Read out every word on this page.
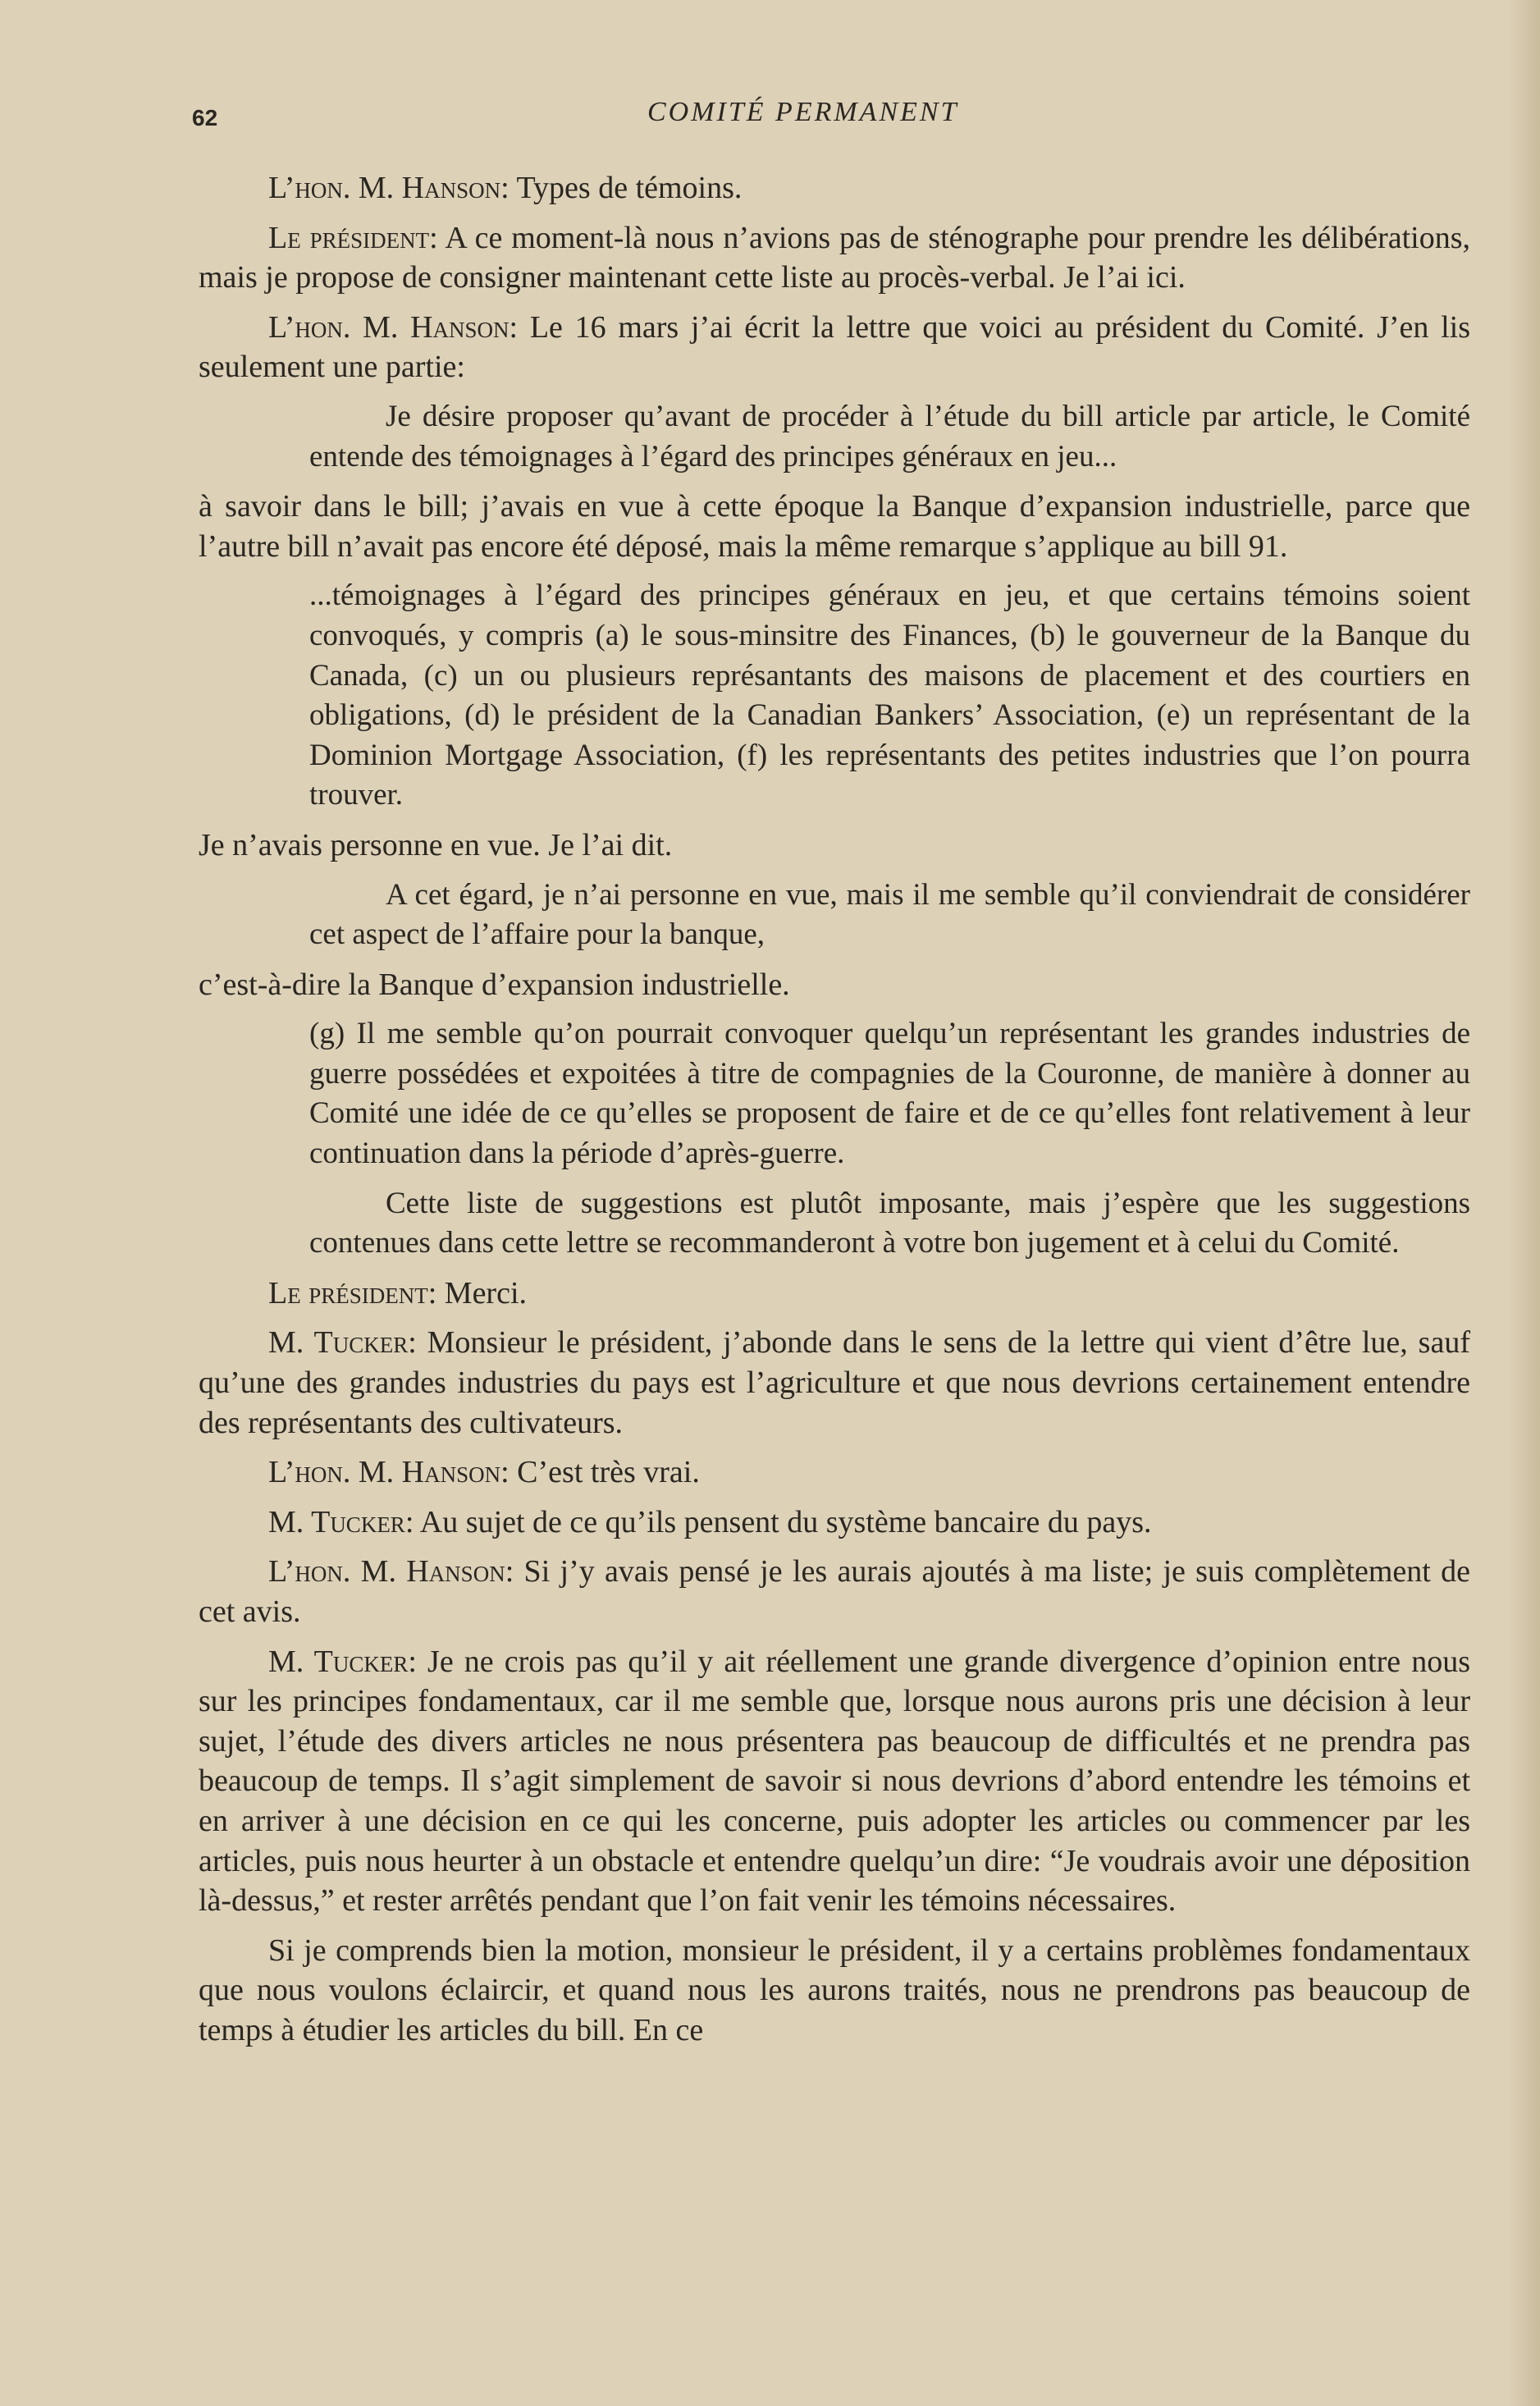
62	COMITÉ PERMANENT

L’hon. M. Hanson: Types de témoins.

Le président: A ce moment-là nous n’avions pas de sténographe pour prendre les délibérations, mais je propose de consigner maintenant cette liste au procès-verbal. Je l’ai ici.

L’hon. M. Hanson: Le 16 mars j’ai écrit la lettre que voici au président du Comité. J’en lis seulement une partie:

Je désire proposer qu’avant de procéder à l’étude du bill article par article, le Comité entende des témoignages à l’égard des principes généraux en jeu...

à savoir dans le bill; j’avais en vue à cette époque la Banque d’expansion industrielle, parce que l’autre bill n’avait pas encore été déposé, mais la même remarque s’applique au bill 91.

...témoignages à l’égard des principes généraux en jeu, et que certains témoins soient convoqués, y compris (a) le sous-minsitre des Finances, (b) le gouverneur de la Banque du Canada, (c) un ou plusieurs représantants des maisons de placement et des courtiers en obligations, (d) le président de la Canadian Bankers’ Association, (e) un représentant de la Dominion Mortgage Association, (f) les représentants des petites industries que l’on pourra trouver.

Je n’avais personne en vue. Je l’ai dit.

A cet égard, je n’ai personne en vue, mais il me semble qu’il conviendrait de considérer cet aspect de l’affaire pour la banque,

c’est-à-dire la Banque d’expansion industrielle.

(g) Il me semble qu’on pourrait convoquer quelqu’un représentant les grandes industries de guerre possédées et expoitées à titre de compagnies de la Couronne, de manière à donner au Comité une idée de ce qu’elles se proposent de faire et de ce qu’elles font relativement à leur continuation dans la période d’après-guerre.

Cette liste de suggestions est plutôt imposante, mais j’espère que les suggestions contenues dans cette lettre se recommanderont à votre bon jugement et à celui du Comité.

Le président: Merci.

M. Tucker: Monsieur le président, j’abonde dans le sens de la lettre qui vient d’être lue, sauf qu’une des grandes industries du pays est l’agriculture et que nous devrions certainement entendre des représentants des cultivateurs.

L’hon. M. Hanson: C’est très vrai.

M. Tucker: Au sujet de ce qu’ils pensent du système bancaire du pays.

L’hon. M. Hanson: Si j’y avais pensé je les aurais ajoutés à ma liste; je suis complètement de cet avis.

M. Tucker: Je ne crois pas qu’il y ait réellement une grande divergence d’opinion entre nous sur les principes fondamentaux, car il me semble que, lorsque nous aurons pris une décision à leur sujet, l’étude des divers articles ne nous présentera pas beaucoup de difficultés et ne prendra pas beaucoup de temps. Il s’agit simplement de savoir si nous devrions d’abord entendre les témoins et en arriver à une décision en ce qui les concerne, puis adopter les articles ou commencer par les articles, puis nous heurter à un obstacle et entendre quelqu’un dire: “Je voudrais avoir une déposition là-dessus,” et rester arrêtés pendant que l’on fait venir les témoins nécessaires.

Si je comprends bien la motion, monsieur le président, il y a certains problèmes fondamentaux que nous voulons éclaircir, et quand nous les aurons traités, nous ne prendrons pas beaucoup de temps à étudier les articles du bill. En ce
